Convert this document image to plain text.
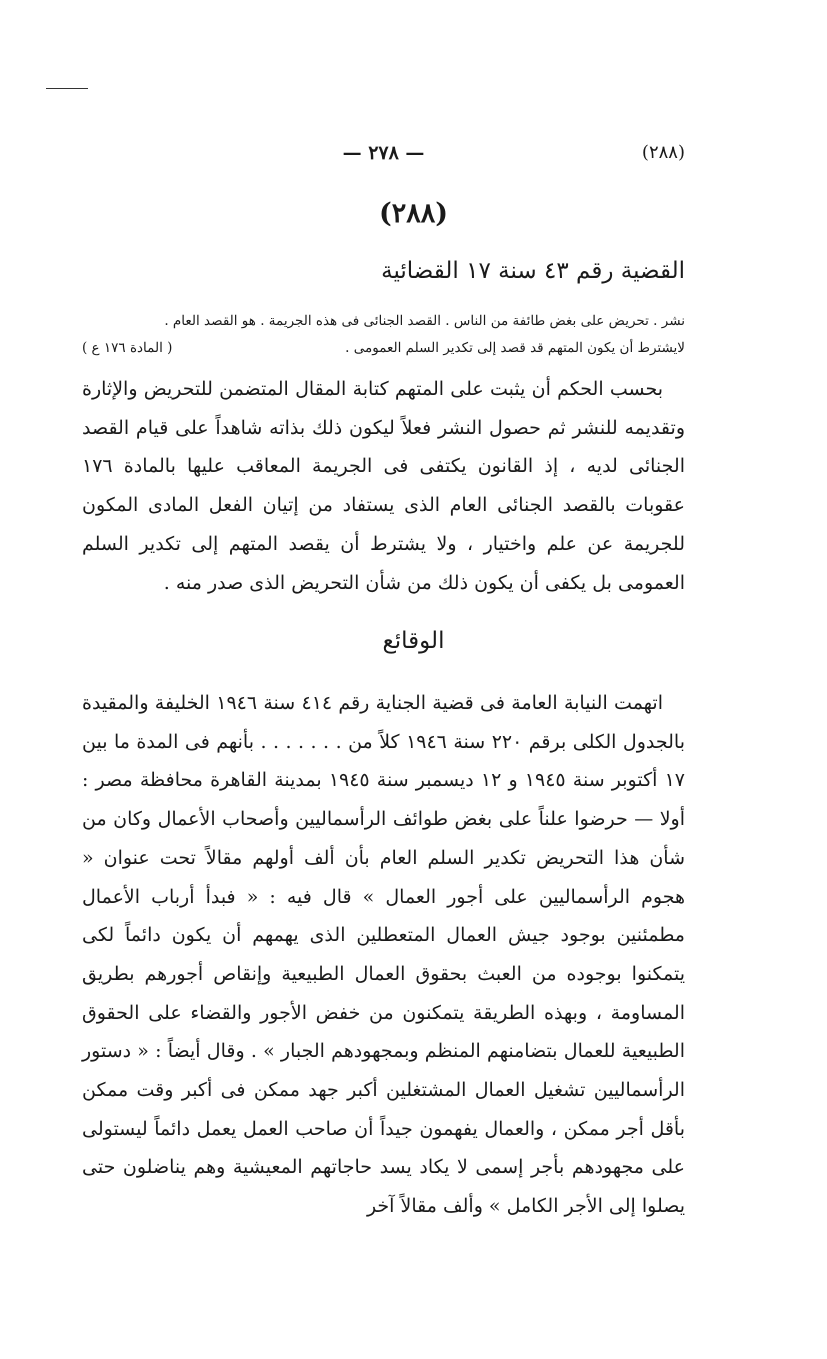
(٢٨٨)
— ٢٧٨ —
(٢٨٨)
القضية رقم ٤٣ سنة ١٧ القضائية
نشر . تحريض على بغض طائفة من الناس . القصد الجنائى فى هذه الجريمة . هو القصد العام .
لايشترط أن يكون المتهم قد قصد إلى تكدير السلم العمومى .
( المادة ١٧٦ ع )

بحسب الحكم أن يثبت على المتهم كتابة المقال المتضمن للتحريض والإثارة وتقديمه للنشر ثم حصول النشر فعلاً ليكون ذلك بذاته شاهداً على قيام القصد الجنائى لديه ، إذ القانون يكتفى فى الجريمة المعاقب عليها بالمادة ١٧٦ عقوبات بالقصد الجنائى العام الذى يستفاد من إتيان الفعل المادى المكون للجريمة عن علم واختيار ، ولا يشترط أن يقصد المتهم إلى تكدير السلم العمومى بل يكفى أن يكون ذلك من شأن التحريض الذى صدر منه .

الوقائع

اتهمت النيابة العامة فى قضية الجناية رقم ٤١٤ سنة ١٩٤٦ الخليفة والمقيدة بالجدول الكلى برقم ٢٢٠ سنة ١٩٤٦ كلاً من . . . . . . . بأنهم فى المدة ما بين ١٧ أكتوبر سنة ١٩٤٥ و ١٢ ديسمبر سنة ١٩٤٥ بمدينة القاهرة محافظة مصر : أولا — حرضوا علناً على بغض طوائف الرأسماليين وأصحاب الأعمال وكان من شأن هذا التحريض تكدير السلم العام بأن ألف أولهم مقالاً تحت عنوان « هجوم الرأسماليين على أجور العمال » قال فيه : « فبدأ أرباب الأعمال مطمئنين بوجود جيش العمال المتعطلين الذى يهمهم أن يكون دائماً لكى يتمكنوا بوجوده من العبث بحقوق العمال الطبيعية وإنقاص أجورهم بطريق المساومة ، وبهذه الطريقة يتمكنون من خفض الأجور والقضاء على الحقوق الطبيعية للعمال بتضامنهم المنظم وبمجهودهم الجبار » . وقال أيضاً : « دستور الرأسماليين تشغيل العمال المشتغلين أكبر جهد ممكن فى أكبر وقت ممكن بأقل أجر ممكن ، والعمال يفهمون جيداً أن صاحب العمل يعمل دائماً ليستولى على مجهودهم بأجر إسمى لا يكاد يسد حاجاتهم المعيشية وهم يناضلون حتى يصلوا إلى الأجر الكامل » وألف مقالاً آخر
